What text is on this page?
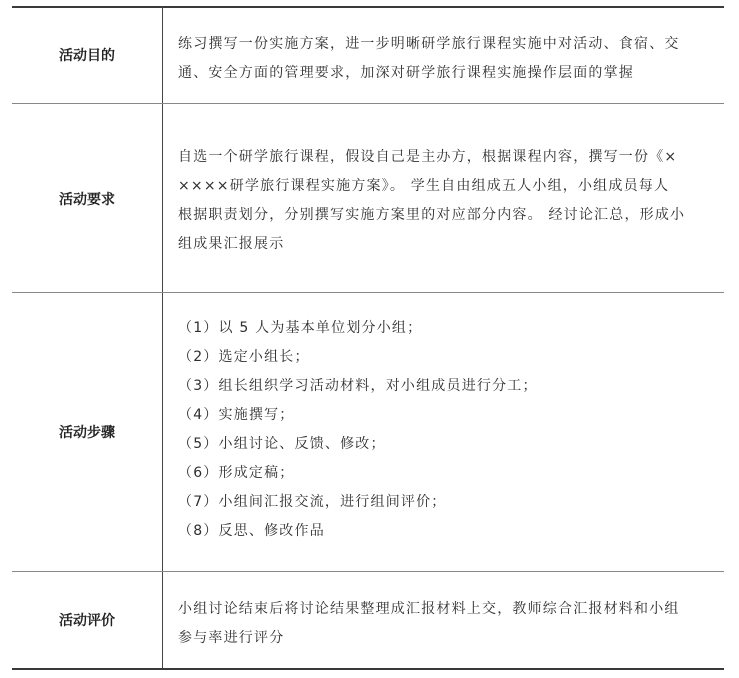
活动目的
练习撰写一份实施方案，进一步明晰研学旅行课程实施中对活动、食宿、交
通、安全方面的管理要求，加深对研学旅行课程实施操作层面的掌握
活动要求
自选一个研学旅行课程，假设自己是主办方，根据课程内容，撰写一份《×
××××研学旅行课程实施方案》。 学生自由组成五人小组，小组成员每人
根据职责划分，分别撰写实施方案里的对应部分内容。 经讨论汇总，形成小
组成果汇报展示
活动步骤
（1）以 5 人为基本单位划分小组；
（2）选定小组长；
（3）组长组织学习活动材料，对小组成员进行分工；
（4）实施撰写；
（5）小组讨论、反馈、修改；
（6）形成定稿；
（7）小组间汇报交流，进行组间评价；
（8）反思、修改作品
活动评价
小组讨论结束后将讨论结果整理成汇报材料上交，教师综合汇报材料和小组
参与率进行评分
